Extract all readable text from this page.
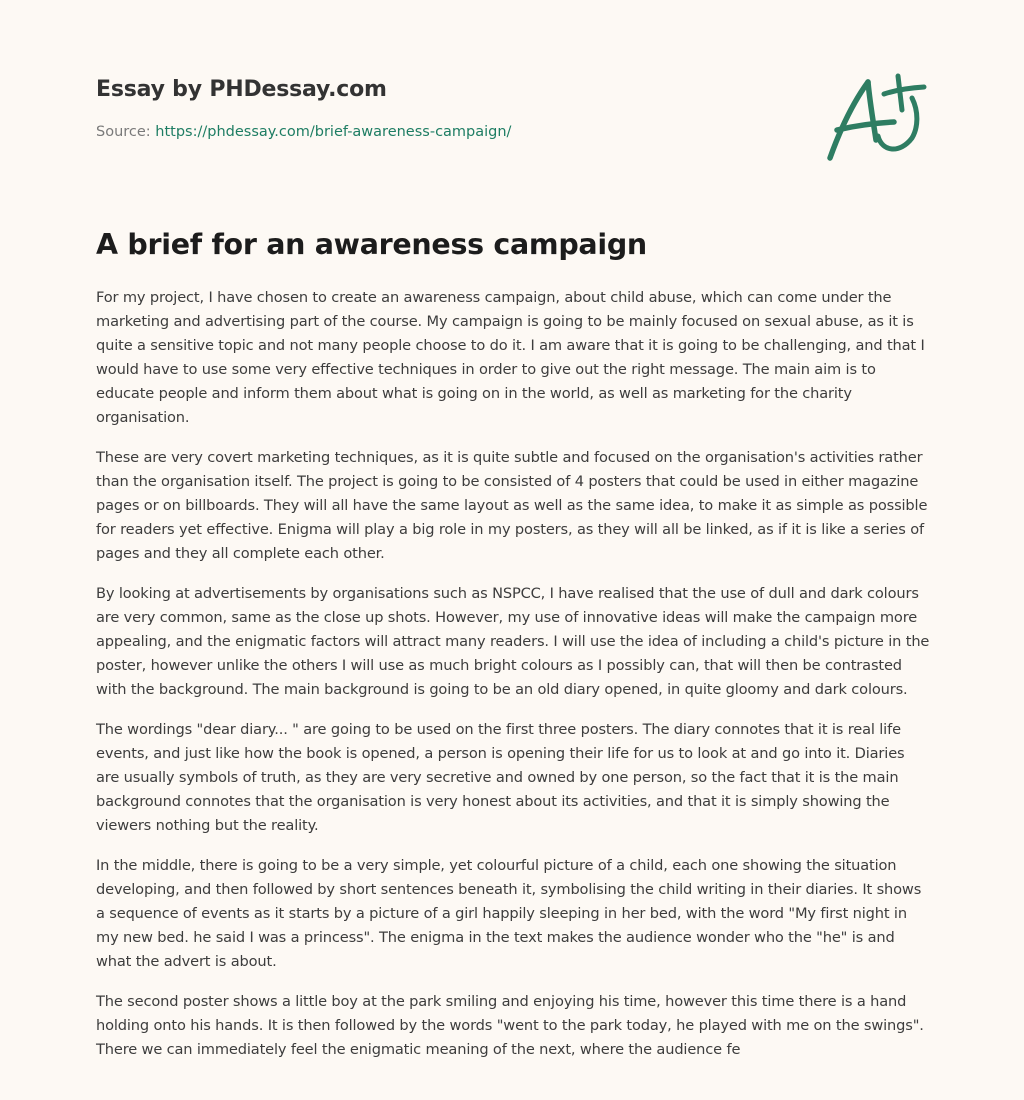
Essay by PHDessay.com
Source: https://phdessay.com/brief-awareness-campaign/
A brief for an awareness campaign

For my project, I have chosen to create an awareness campaign, about child abuse, which can come under the marketing and advertising part of the course. My campaign is going to be mainly focused on sexual abuse, as it is quite a sensitive topic and not many people choose to do it. I am aware that it is going to be challenging, and that I would have to use some very effective techniques in order to give out the right message. The main aim is to educate people and inform them about what is going on in the world, as well as marketing for the charity organisation.

These are very covert marketing techniques, as it is quite subtle and focused on the organisation's activities rather than the organisation itself. The project is going to be consisted of 4 posters that could be used in either magazine pages or on billboards. They will all have the same layout as well as the same idea, to make it as simple as possible for readers yet effective. Enigma will play a big role in my posters, as they will all be linked, as if it is like a series of pages and they all complete each other.

By looking at advertisements by organisations such as NSPCC, I have realised that the use of dull and dark colours are very common, same as the close up shots. However, my use of innovative ideas will make the campaign more appealing, and the enigmatic factors will attract many readers. I will use the idea of including a child's picture in the poster, however unlike the others I will use as much bright colours as I possibly can, that will then be contrasted with the background. The main background is going to be an old diary opened, in quite gloomy and dark colours.

The wordings "dear diary... " are going to be used on the first three posters. The diary connotes that it is real life events, and just like how the book is opened, a person is opening their life for us to look at and go into it. Diaries are usually symbols of truth, as they are very secretive and owned by one person, so the fact that it is the main background connotes that the organisation is very honest about its activities, and that it is simply showing the viewers nothing but the reality.

In the middle, there is going to be a very simple, yet colourful picture of a child, each one showing the situation developing, and then followed by short sentences beneath it, symbolising the child writing in their diaries. It shows a sequence of events as it starts by a picture of a girl happily sleeping in her bed, with the word "My first night in my new bed. he said I was a princess". The enigma in the text makes the audience wonder who the "he" is and what the advert is about.

The second poster shows a little boy at the park smiling and enjoying his time, however this time there is a hand holding onto his hands. It is then followed by the words "went to the park today, he played with me on the swings". There we can immediately feel the enigmatic meaning of the next, where the audience fe
